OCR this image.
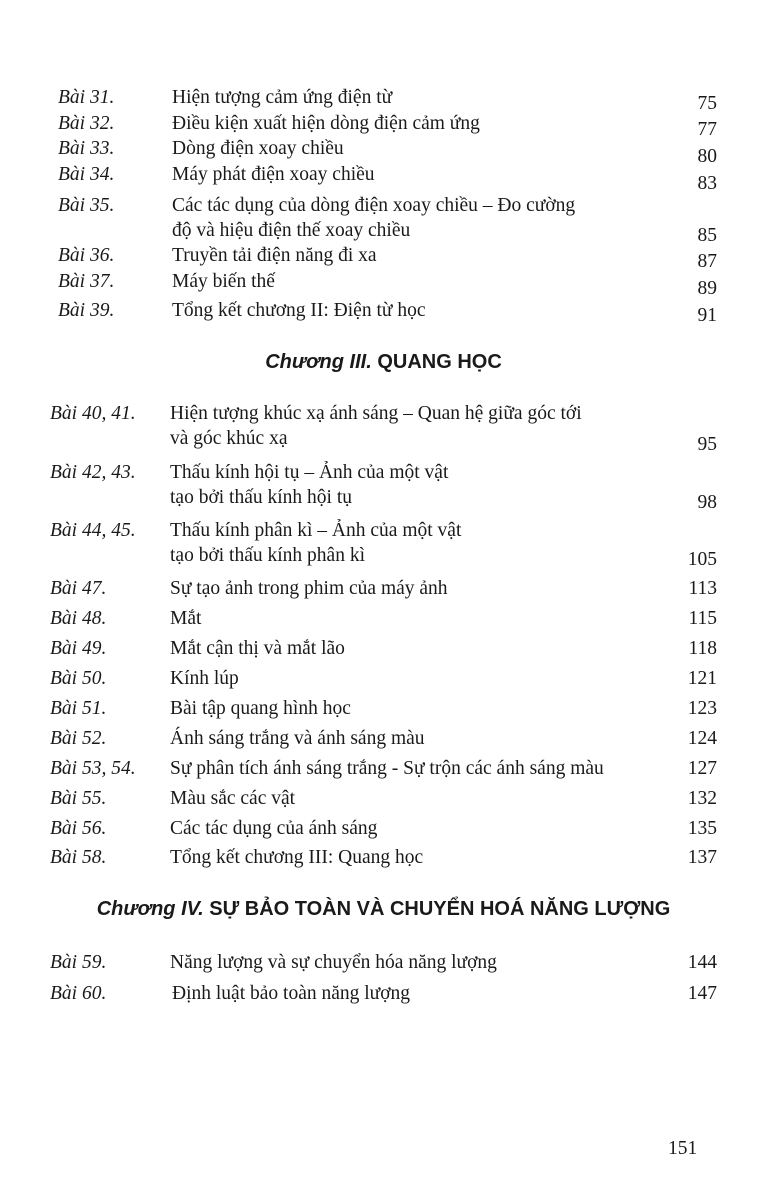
Bài 31.	Hiện tượng cảm ứng điện từ	75
Bài 32.	Điều kiện xuất hiện dòng điện cảm ứng	77
Bài 33.	Dòng điện xoay chiều	80
Bài 34.	Máy phát điện xoay chiều	83
Bài 35.	Các tác dụng của dòng điện xoay chiều – Đo cường
độ và hiệu điện thế xoay chiều	85
Bài 36.	Truyền tải điện năng đi xa	87
Bài 37.	Máy biến thế	89
Bài 39.	Tổng kết chương II: Điện từ học	91
Chương III. QUANG HỌC
Bài 40, 41. Hiện tượng khúc xạ ánh sáng – Quan hệ giữa góc tới
và góc khúc xạ	95
Bài 42, 43. Thấu kính hội tụ – Ảnh của một vật
tạo bởi thấu kính hội tụ	98
Bài 44, 45. Thấu kính phân kì – Ảnh của một vật
tạo bởi thấu kính phân kì	105
Bài 47.	Sự tạo ảnh trong phim của máy ảnh	113
Bài 48.	Mắt	115
Bài 49.	Mắt cận thị và mắt lão	118
Bài 50.	Kính lúp	121
Bài 51.	Bài tập quang hình học	123
Bài 52.	Ánh sáng trắng và ánh sáng màu	124
Bài 53, 54. Sự phân tích ánh sáng trắng - Sự trộn các ánh sáng màu	127
Bài 55.	Màu sắc các vật	132
Bài 56.	Các tác dụng của ánh sáng	135
Bài 58.	Tổng kết chương III: Quang học	137
Chương IV. SỰ BẢO TOÀN VÀ CHUYỂN HOÁ NĂNG LƯỢNG
Bài 59.	Năng lượng và sự chuyển hóa năng lượng	144
Bài 60.	Định luật bảo toàn năng lượng	147
151
